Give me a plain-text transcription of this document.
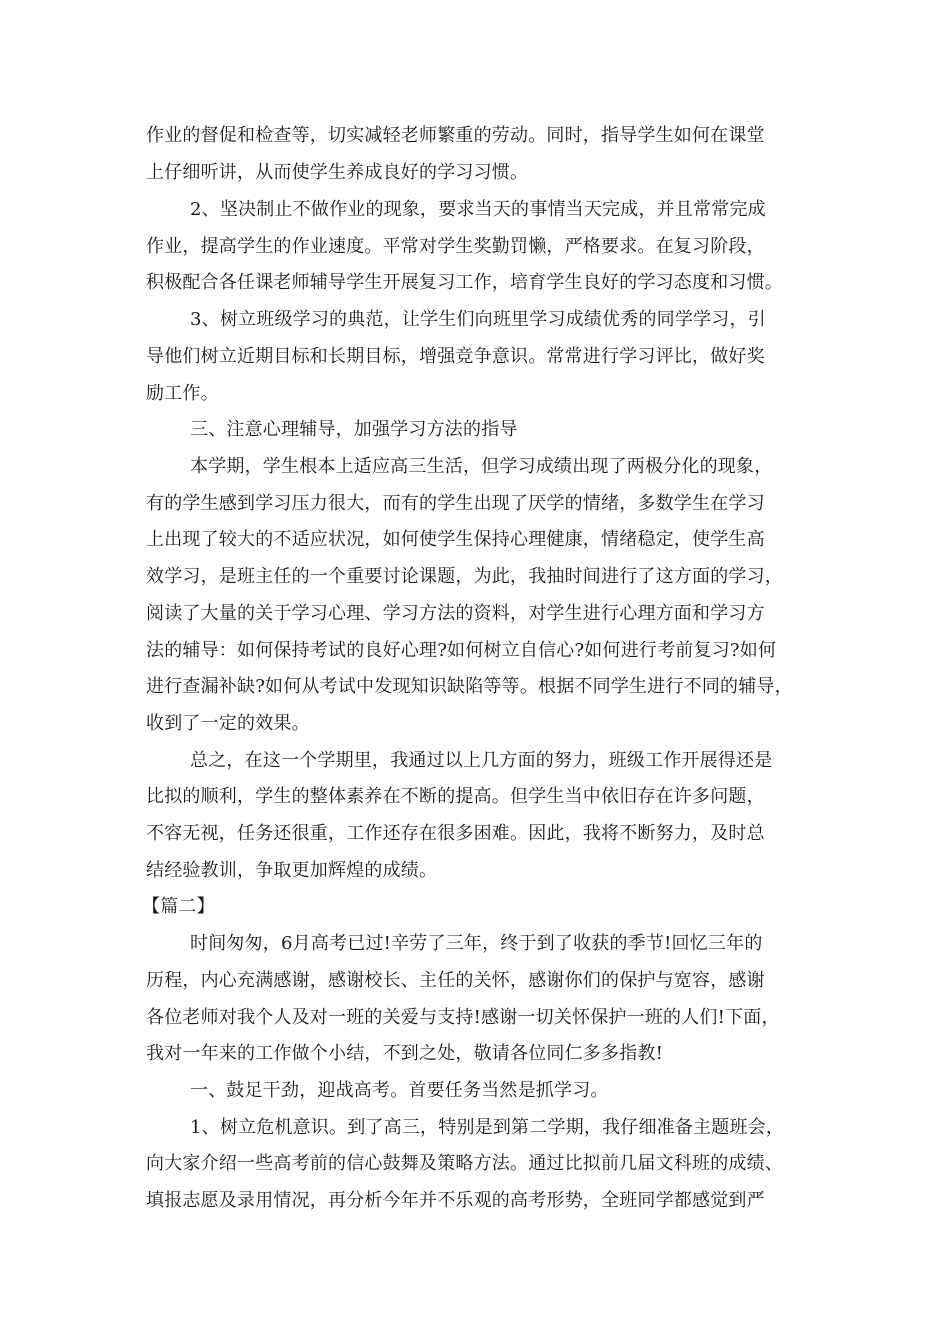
作业的督促和检查等，切实减轻老师繁重的劳动。同时，指导学生如何在课堂

上仔细听讲，从而使学生养成良好的学习习惯。

2、坚决制止不做作业的现象，要求当天的事情当天完成，并且常常完成

作业，提高学生的作业速度。平常对学生奖勤罚懒，严格要求。在复习阶段，

积极配合各任课老师辅导学生开展复习工作，培育学生良好的学习态度和习惯。

3、树立班级学习的典范，让学生们向班里学习成绩优秀的同学学习，引

导他们树立近期目标和长期目标，增强竞争意识。常常进行学习评比，做好奖

励工作。

三、注意心理辅导，加强学习方法的指导

本学期，学生根本上适应高三生活，但学习成绩出现了两极分化的现象，

有的学生感到学习压力很大，而有的学生出现了厌学的情绪，多数学生在学习

上出现了较大的不适应状况，如何使学生保持心理健康，情绪稳定，使学生高

效学习，是班主任的一个重要讨论课题，为此，我抽时间进行了这方面的学习，

阅读了大量的关于学习心理、学习方法的资料，对学生进行心理方面和学习方

法的辅导：如何保持考试的良好心理?如何树立自信心?如何进行考前复习?如何

进行查漏补缺?如何从考试中发现知识缺陷等等。根据不同学生进行不同的辅导，

收到了一定的效果。

总之，在这一个学期里，我通过以上几方面的努力，班级工作开展得还是

比拟的顺利，学生的整体素养在不断的提高。但学生当中依旧存在许多问题，

不容无视，任务还很重，工作还存在很多困难。因此，我将不断努力，及时总

结经验教训，争取更加辉煌的成绩。

【篇二】

时间匆匆，6月高考已过!辛劳了三年，终于到了收获的季节!回忆三年的

历程，内心充满感谢，感谢校长、主任的关怀，感谢你们的保护与宽容，感谢

各位老师对我个人及对一班的关爱与支持!感谢一切关怀保护一班的人们!下面，

我对一年来的工作做个小结，不到之处，敬请各位同仁多多指教!

一、鼓足干劲，迎战高考。首要任务当然是抓学习。

1、树立危机意识。到了高三，特别是到第二学期，我仔细准备主题班会，

向大家介绍一些高考前的信心鼓舞及策略方法。通过比拟前几届文科班的成绩、

填报志愿及录用情况，再分析今年并不乐观的高考形势，全班同学都感觉到严
